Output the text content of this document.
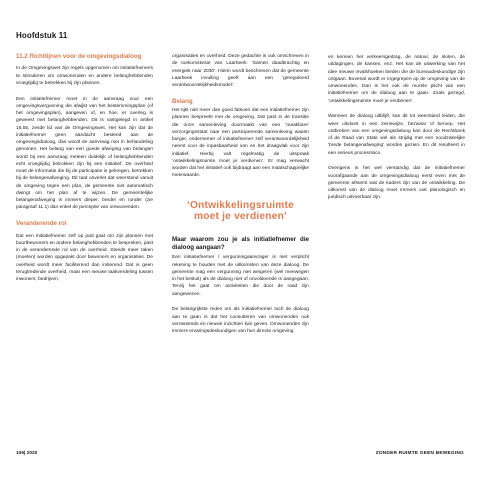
Hoofdstuk 11
11.2 Richtlijnen voor de omgevingsdialoog

In de Omgevingswet zijn regels opgenomen om initiatiefnemers te stimuleren om omwonenden en andere belanghebbenden vroegtijdig te betrekken bij zijn plannen.

Een initiatiefnemer moet in de aanvraag voor een omgevingsvergunning die afwijkt van het bestemmingsplan (of het omgevingsplan), aangeven of, en hoe, er overleg is geweest met belanghebbenden. Dit is vastgelegd in artikel 16.55, zesde lid van de Omgevingswet. Het kan zijn dat de initiatiefnemer geen aandacht besteed aan de omgevingsdialoog, dan wordt de aanvraag niet in behandeling genomen. Het belang van een goede afweging van belangen wordt bij een aanvraag meteen duidelijk of belanghebbenden echt vroegtijdig betrokken zijn bij een initiatief. De overheid moet de informatie die bij de participatie is gekregen, betrekken bij de belangenafweging. Dit taat onverlet dat weerstand vanuit de omgeving tegen een plan, de gemeente niet automatisch dwingt om het plan af te wijzen. De gemeentelijke belangenafweging is immers dieper, breder en ronder (zie paragraaf 11.1) dan enkel de perceptie van omwonenden.

Veranderende rol

Dat een initiatiefnemer zelf op pad gaat om zijn plannen met buurtbewoners en andere belanghebbenden te bespreken, past in de veranderende rol van de overheid. Steeds meer taken (moeten) worden opgepakt door bewoners en organisaties. De overheid wordt meer faciliterend dan initierend. Dat is geen terugtredende overheid, maar een nieuwe taakverdeling tussen inwoners, bedrijven,

organisaties en overheid. Deze gedachte is ook omschreven in de toekomstvisie van Laarbeek: ‘Samen daadkrachtig en energiek naar 2030’. Hierin wordt beschreven dat de gemeente Laarbeek invulling geeft aan een ‘gereguleerd verantwoordelijkheidsmodel’.

Belang

Het tijkt niet meer dan goed fatsoen dat een initiatiefnemer zijn plannen bespreekt met de omgeving. Dat past in de transitie die onze samenleving doormaakt van een ‘maakbare’ verzorgingsstaat naar een participerende samenleving waarin burger, ondernemer of initiatiefnemer zelf verantwoordelijkheid neemt voor de inpasbaarheid van en het draagvlak voor zijn initiatief. Hierbij valt regelmatig de uitspraak ‘ontwikkelingsruimte moet je verdienen’. Er mag verwacht worden dat het initiatief ook bijdraagt aan een maatschappelijke meerwaarde.

‘Ontwikkelingsruimte
moet je verdienen’
Maar waarom zou je als initiatiefnemer die dialoog aangaan?

Een initiatiefnemer / vergunningaanvrager is niet verplicht rekening te houden met de uitkomsten van deze dialoog. De gemeente mag een vergunning niet weigeren (wel meewegen in het besluit) als de dialoog niet of onvoldoende is aangegaan. Tenzij het gaat om activiteiten die door de raad zijn aangewezen.

De belangrijkste reden om als initiatiefnemer toch de dialoog aan te gaan is dat het consulteren van omwonenden ook verrassende en nieuwe inzichten kan geven. Omwonenden zijn immers ervaringsdeskundigen van hun directe omgeving

en kennen het verkeersgedrag, de natuur, de sloten, de uitdagingen, de kansen, enz. Het kan de uitwerking van het idee nieuwe invalshoeken bieden die de bureaudeskundige zijn ontgaan. Bovenal wordt er ingegrepen op de omgeving van de omwonenden. Dan is het ook de morele plicht van een initiatiefnemer om de dialoog aan te gaan. Zoals gezegd, ‘ontwikkelingsruimte moet je verdienen’.

Wanneer de dialoog uitblijft, kan dit tot weerstand leiden, die weer uitvloeit in een zienswijze, bezwaar of beroep. Het ontbreken van een omgevingsdialoog kan door de Rechtbank of de Raad van State wel als strijdig met een noodzakelijke ‘brede belangenafweging’ worden gezien. En dit resulteert in een serieus procesrisico.

Overigens is het wel verstandig dat de initiatiefnemer voorafgaande aan de omgevingsdialoog eerst even met de gemeente afstemt wat de kaders zijn van de ontwikkeling. De uitkomst van de dialoog moet immers ook planologisch en juridisch uitvoerbaar zijn.

106| 2020	ZONDER RUIMTE GEEN BEWEGING
